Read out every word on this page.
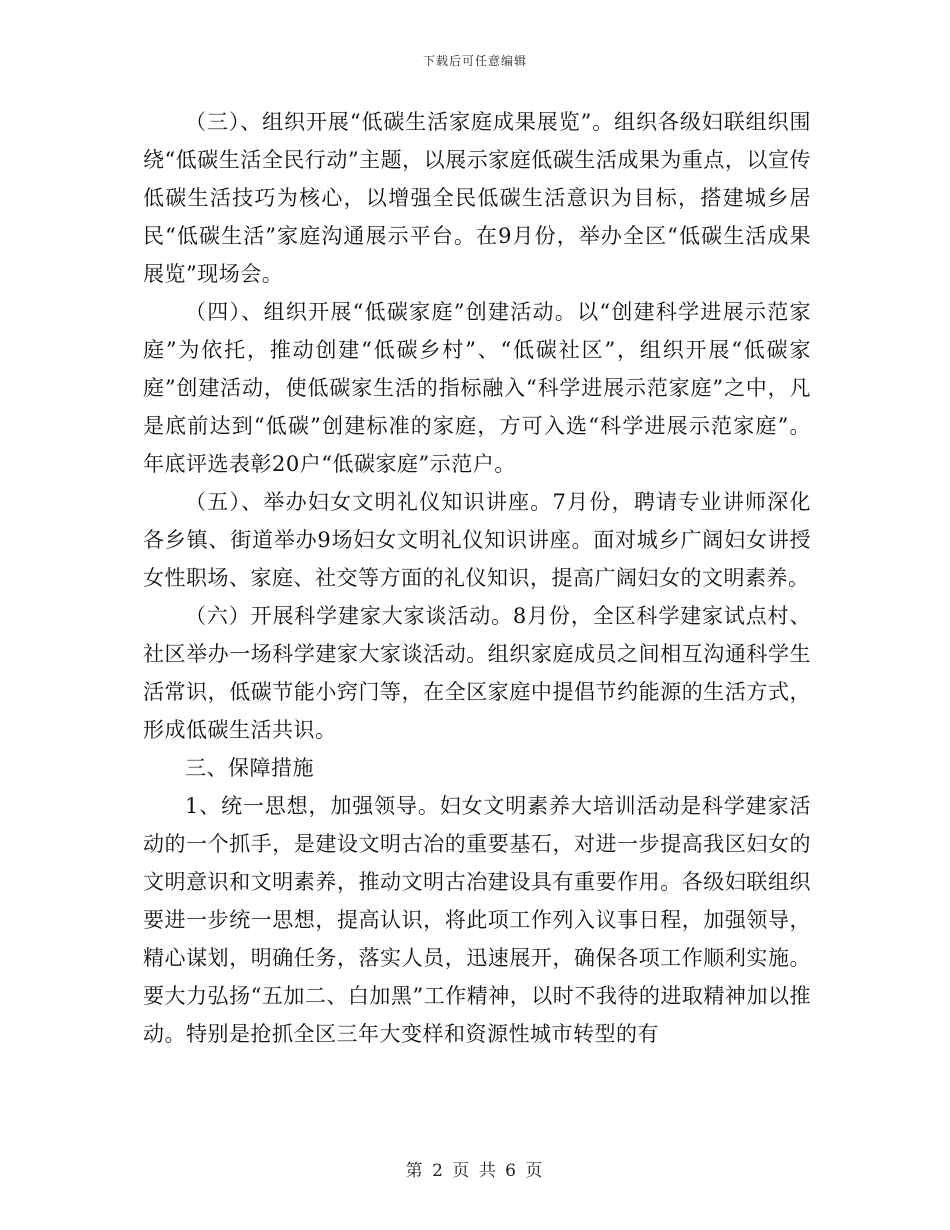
下载后可任意编辑

（三）、组织开展“低碳生活家庭成果展览”。组织各级妇联组织围绕“低碳生活全民行动”主题，以展示家庭低碳生活成果为重点，以宣传低碳生活技巧为核心，以增强全民低碳生活意识为目标，搭建城乡居民“低碳生活”家庭沟通展示平台。在9月份，举办全区“低碳生活成果展览”现场会。

（四）、组织开展“低碳家庭”创建活动。以“创建科学进展示范家庭”为依托，推动创建“低碳乡村”、“低碳社区”，组织开展“低碳家庭”创建活动，使低碳家生活的指标融入“科学进展示范家庭”之中，凡是底前达到“低碳”创建标准的家庭，方可入选“科学进展示范家庭”。年底评选表彰20户“低碳家庭”示范户。

（五）、举办妇女文明礼仪知识讲座。7月份，聘请专业讲师深化各乡镇、街道举办9场妇女文明礼仪知识讲座。面对城乡广阔妇女讲授女性职场、家庭、社交等方面的礼仪知识，提高广阔妇女的文明素养。

（六）开展科学建家大家谈活动。8月份，全区科学建家试点村、社区举办一场科学建家大家谈活动。组织家庭成员之间相互沟通科学生活常识，低碳节能小窍门等，在全区家庭中提倡节约能源的生活方式，形成低碳生活共识。

三、保障措施

1、统一思想，加强领导。妇女文明素养大培训活动是科学建家活动的一个抓手，是建设文明古冶的重要基石，对进一步提高我区妇女的文明意识和文明素养，推动文明古冶建设具有重要作用。各级妇联组织要进一步统一思想，提高认识，将此项工作列入议事日程，加强领导，精心谋划，明确任务，落实人员，迅速展开，确保各项工作顺利实施。要大力弘扬“五加二、白加黑”工作精神，以时不我待的进取精神加以推动。特别是抢抓全区三年大变样和资源性城市转型的有

第 2 页 共 6 页
